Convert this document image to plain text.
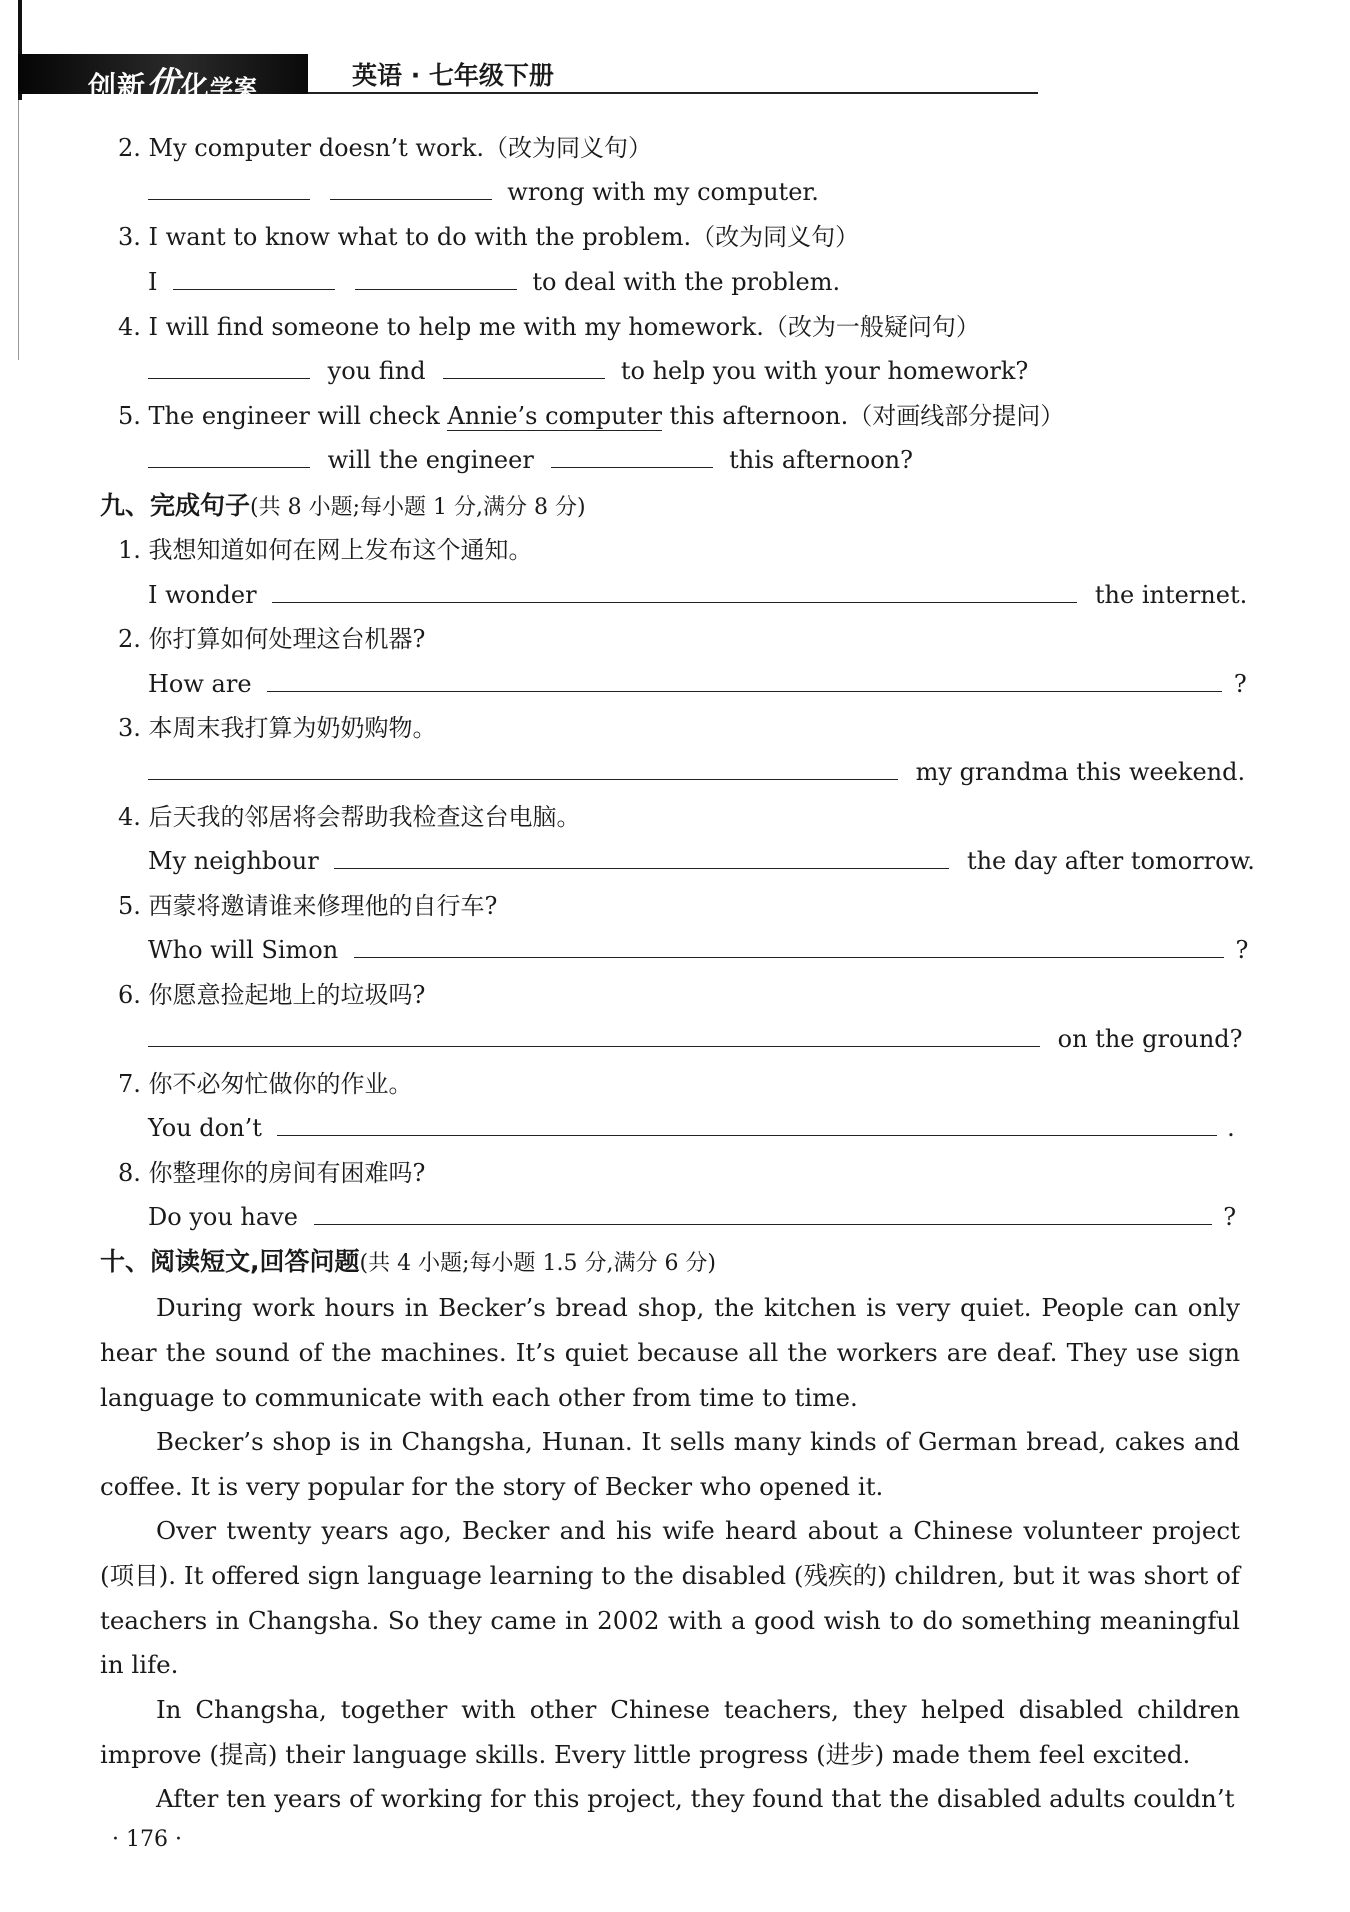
创新优化学案	英语 · 七年级下册
2. My computer doesn’t work.（改为同义句）
wrong with my computer.
3. I want to know what to do with the problem.（改为同义句）
I	to deal with the problem.
4. I will find someone to help me with my homework.（改为一般疑问句）
you find	to help you with your homework?
5. The engineer will check Annie’s computer this afternoon.（对画线部分提问）
will the engineer	this afternoon?
九、完成句子(共 8 小题;每小题 1 分,满分 8 分)
1. 我想知道如何在网上发布这个通知。
I wonder	the internet.
2. 你打算如何处理这台机器?
How are	?
3. 本周末我打算为奶奶购物。
my grandma this weekend.
4. 后天我的邻居将会帮助我检查这台电脑。
My neighbour	the day after tomorrow.
5. 西蒙将邀请谁来修理他的自行车?
Who will Simon	?
6. 你愿意捡起地上的垃圾吗?
on the ground?
7. 你不必匆忙做你的作业。
You don’t	.
8. 你整理你的房间有困难吗?
Do you have	?
十、阅读短文,回答问题(共 4 小题;每小题 1.5 分,满分 6 分)

During work hours in Becker’s bread shop, the kitchen is very quiet. People can only hear the sound of the machines. It’s quiet because all the workers are deaf. They use sign language to communicate with each other from time to time.

Becker’s shop is in Changsha, Hunan. It sells many kinds of German bread, cakes and coffee. It is very popular for the story of Becker who opened it.

Over twenty years ago, Becker and his wife heard about a Chinese volunteer project (项目). It offered sign language learning to the disabled (残疾的) children, but it was short of teachers in Changsha. So they came in 2002 with a good wish to do something meaningful in life.

In Changsha, together with other Chinese teachers, they helped disabled children improve (提高) their language skills. Every little progress (进步) made them feel excited.

After ten years of working for this project, they found that the disabled adults couldn’t

· 176 ·
